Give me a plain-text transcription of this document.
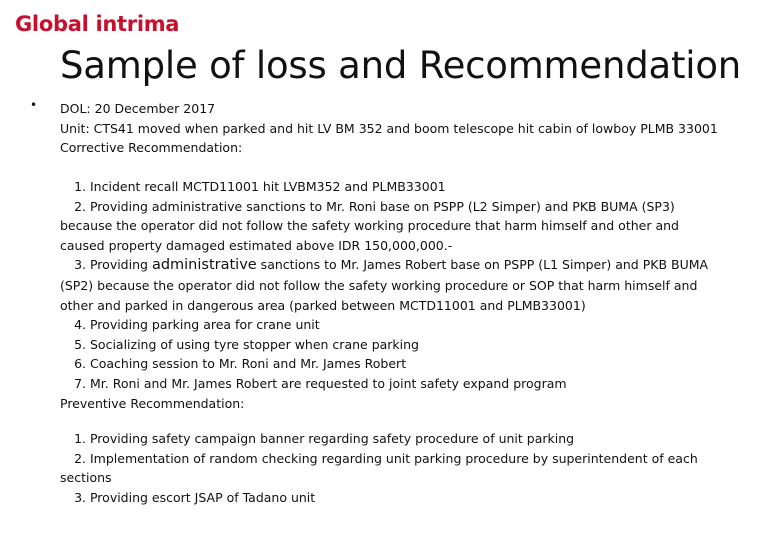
Global intrima
Sample of loss and Recommendation
• DOL: 20 December 2017
Unit: CTS41 moved when parked and hit LV BM 352 and boom telescope hit cabin of lowboy PLMB 33001
Corrective Recommendation:
1. Incident recall MCTD11001 hit LVBM352 and PLMB33001
2. Providing administrative sanctions to Mr. Roni base on PSPP (L2 Simper) and PKB BUMA (SP3)
because the operator did not follow the safety working procedure that harm himself and other and
caused property damaged estimated above IDR 150,000,000.-
3. Providing administrative sanctions to Mr. James Robert base on PSPP (L1 Simper) and PKB BUMA
(SP2) because the operator did not follow the safety working procedure or SOP that harm himself and
other and parked in dangerous area (parked between MCTD11001 and PLMB33001)
4. Providing parking area for crane unit
5. Socializing of using tyre stopper when crane parking
6. Coaching session to Mr. Roni and Mr. James Robert
7. Mr. Roni and Mr. James Robert are requested to joint safety expand program
Preventive Recommendation:
1. Providing safety campaign banner regarding safety procedure of unit parking
2. Implementation of random checking regarding unit parking procedure by superintendent of each
sections
3. Providing escort JSAP of Tadano unit
